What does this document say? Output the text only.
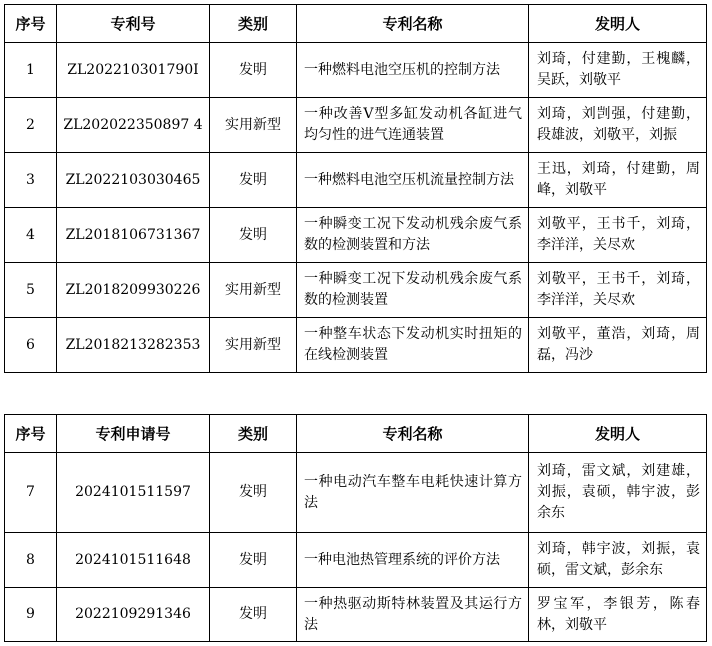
序号	专利号	类别	专利名称	发明人
1	ZL202210301790I	发明	一种燃料电池空压机的控制方法	刘琦，付建勤，王槐麟，吴跃，刘敬平
2	ZL202022350897 4	实用新型	一种改善V型多缸发动机各缸进气均匀性的进气连通装置	刘琦，刘剀强，付建勤，段雄波，刘敬平，刘振
3	ZL2022103030465	发明	一种燃料电池空压机流量控制方法	王迅，刘琦，付建勤，周峰，刘敬平
4	ZL2018106731367	发明	一种瞬变工况下发动机残余废气系数的检测装置和方法	刘敬平，王书千，刘琦，李洋洋，关尽欢
5	ZL2018209930226	实用新型	一种瞬变工况下发动机残余废气系数的检测装置	刘敬平，王书千，刘琦，李洋洋，关尽欢
6	ZL2018213282353	实用新型	一种整车状态下发动机实时扭矩的在线检测装置	刘敬平，董浩，刘琦，周磊，冯沙
序号	专利申请号	类别	专利名称	发明人
7	2024101511597	发明	一种电动汽车整车电耗快速计算方法	刘琦，雷文斌，刘建雄，刘振，袁硕，韩宇波，彭余东
8	2024101511648	发明	一种电池热管理系统的评价方法	刘琦，韩宇波，刘振，袁硕，雷文斌，彭余东
9	2022109291346	发明	一种热驱动斯特林装置及其运行方法	罗宝军，李银芳，陈春林，刘敬平
